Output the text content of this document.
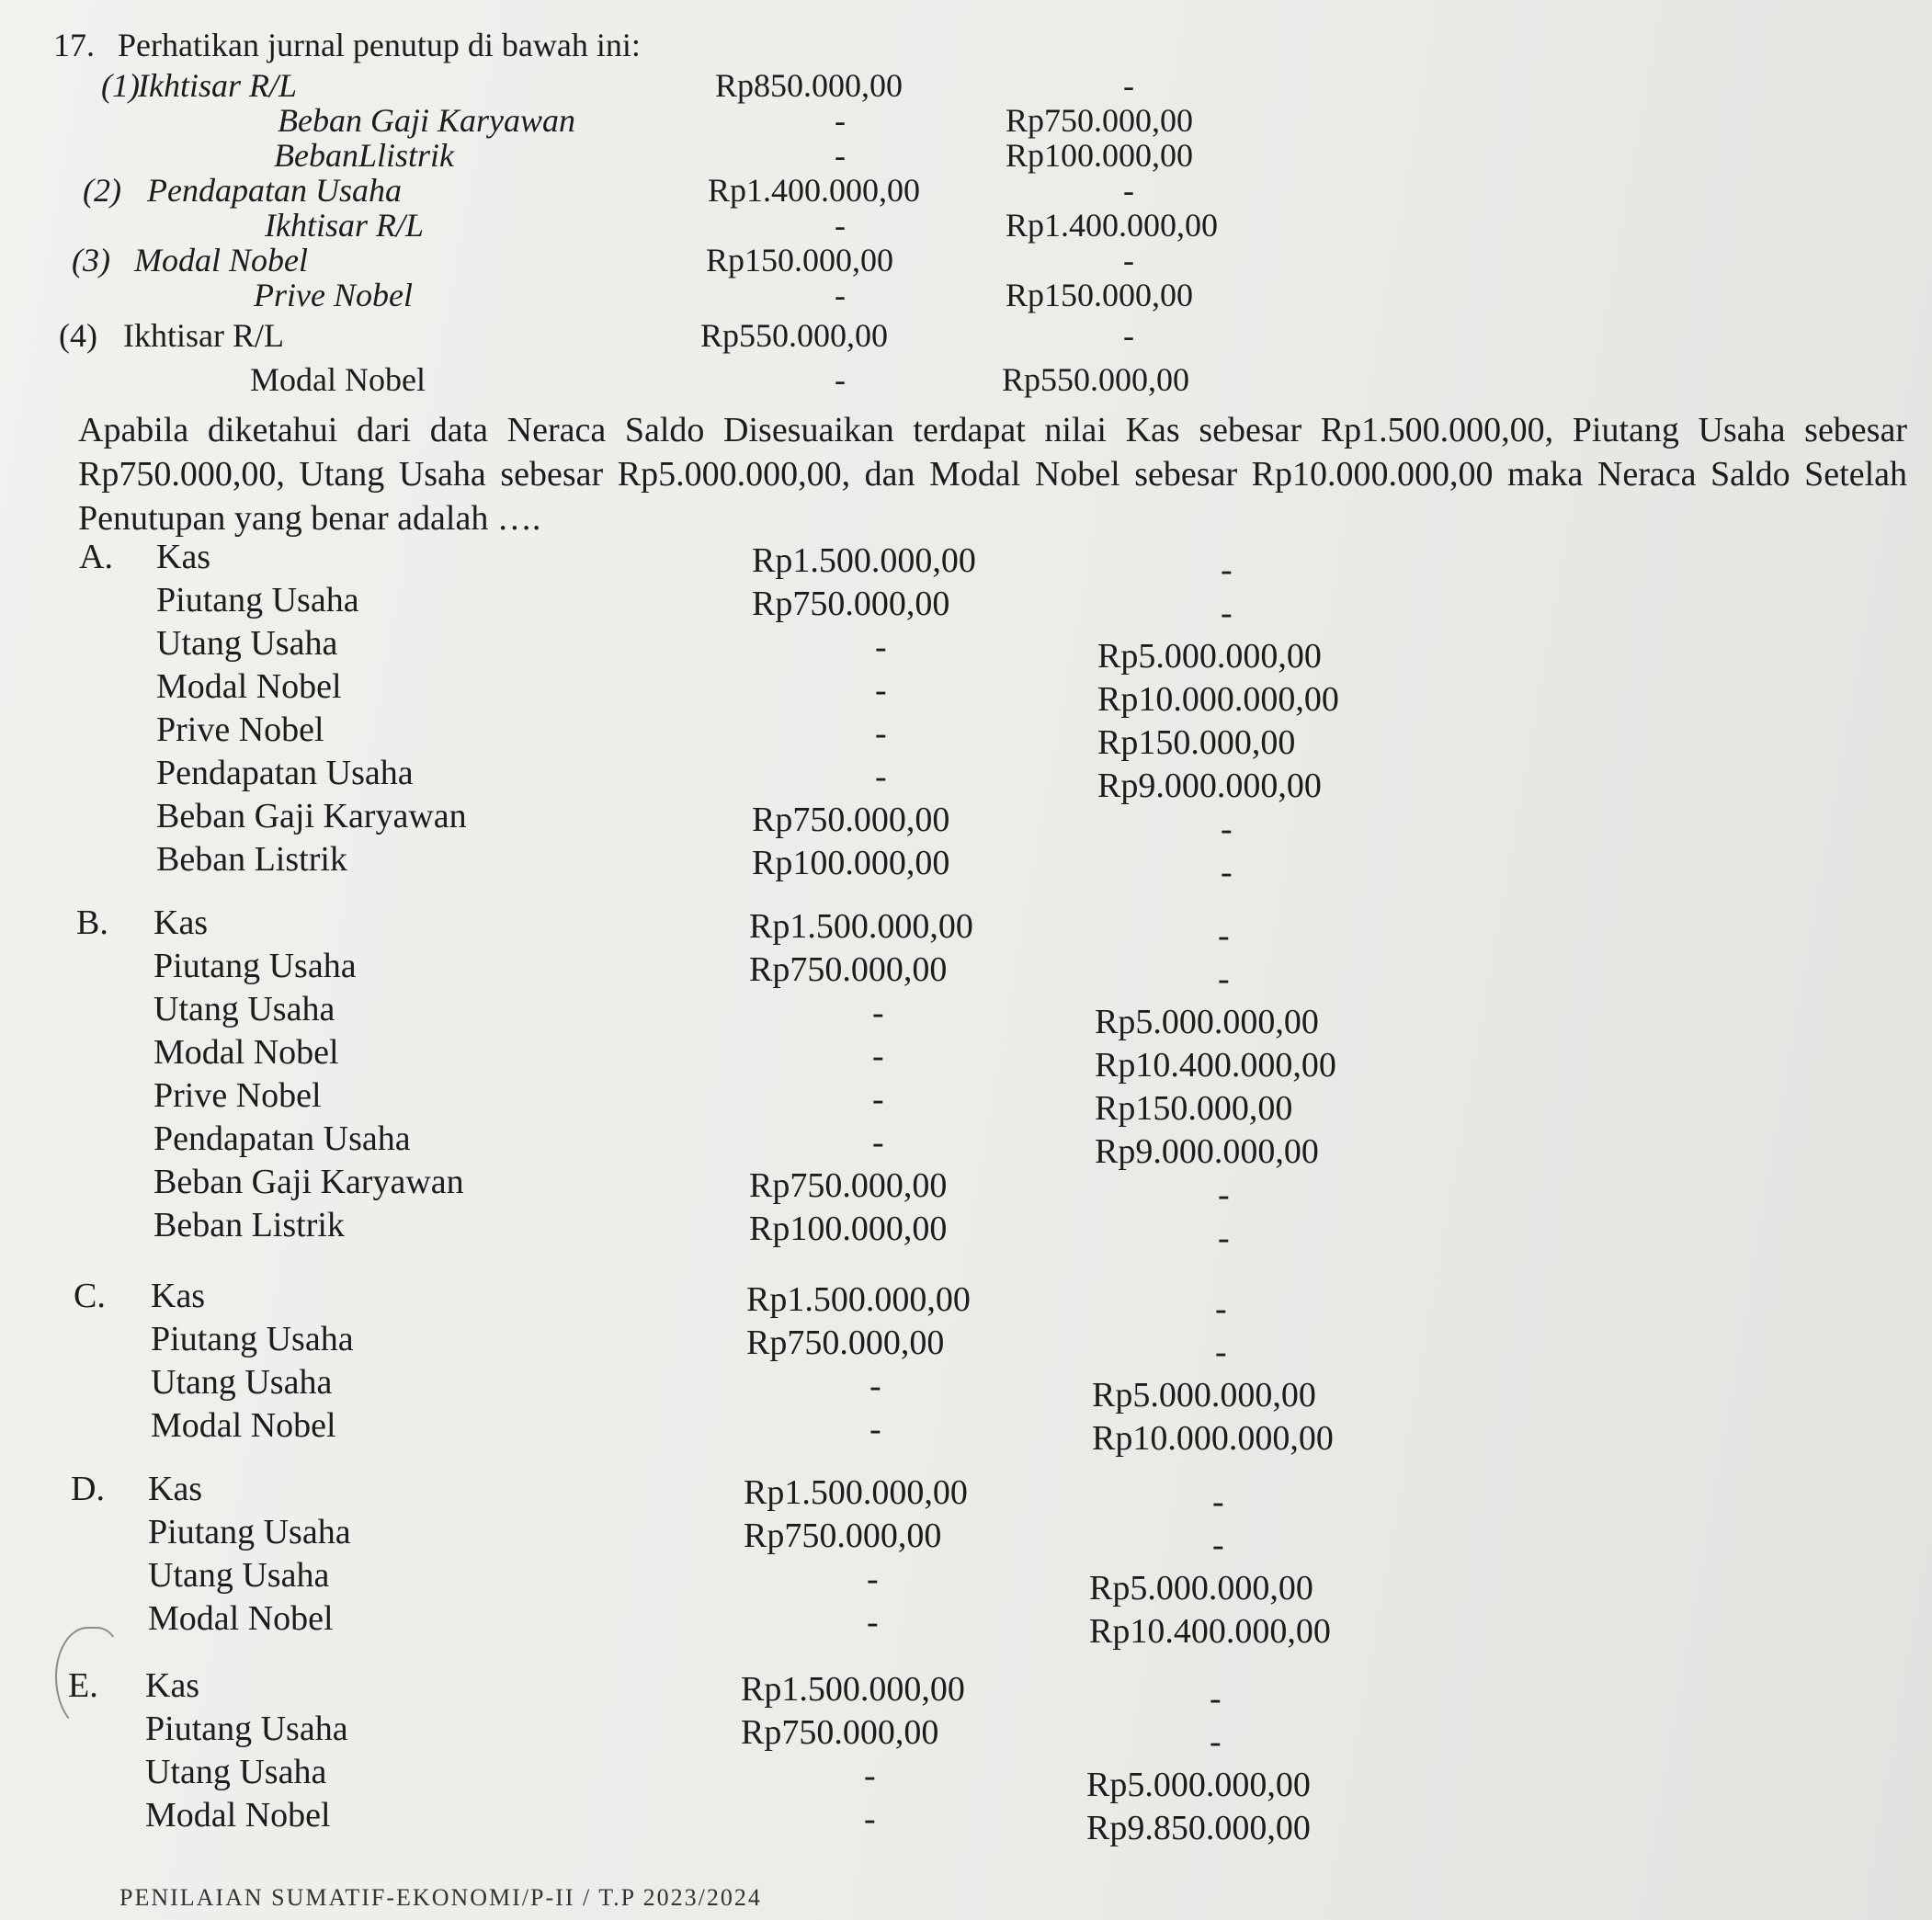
17. Perhatikan jurnal penutup di bawah ini:
(1)
Ikhtisar R/L	Rp850.000,00	-
Beban Gaji Karyawan	-	Rp750.000,00
BebanLlistrik	-	Rp100.000,00
(2) Pendapatan Usaha	Rp1.400.000,00	-
Ikhtisar R/L	-	Rp1.400.000,00
(3) Modal Nobel	Rp150.000,00	-
Prive Nobel	-	Rp150.000,00
(4) Ikhtisar R/L	Rp550.000,00	-
Modal Nobel	-	Rp550.000,00
Apabila diketahui dari data Neraca Saldo Disesuaikan terdapat nilai Kas sebesar Rp1.500.000,00, Piutang Usaha sebesar Rp750.000,00, Utang Usaha sebesar Rp5.000.000,00, dan Modal Nobel sebesar Rp10.000.000,00 maka Neraca Saldo Setelah Penutupan yang benar adalah ….
A. Kas	Rp1.500.000,00	-
Piutang Usaha	Rp750.000,00	-
Utang Usaha	-	Rp5.000.000,00
Modal Nobel	-	Rp10.000.000,00
Prive Nobel	-	Rp150.000,00
Pendapatan Usaha	-	Rp9.000.000,00
Beban Gaji Karyawan	Rp750.000,00	-
Beban Listrik	Rp100.000,00	-
B. Kas	Rp1.500.000,00	-
Piutang Usaha	Rp750.000,00	-
Utang Usaha	-	Rp5.000.000,00
Modal Nobel	-	Rp10.400.000,00
Prive Nobel	-	Rp150.000,00
Pendapatan Usaha	-	Rp9.000.000,00
Beban Gaji Karyawan	Rp750.000,00	-
Beban Listrik	Rp100.000,00	-
C. Kas	Rp1.500.000,00	-
Piutang Usaha	Rp750.000,00	-
Utang Usaha	-	Rp5.000.000,00
Modal Nobel	-	Rp10.000.000,00
D. Kas	Rp1.500.000,00	-
Piutang Usaha	Rp750.000,00	-
Utang Usaha	-	Rp5.000.000,00
Modal Nobel	-	Rp10.400.000,00
E. Kas	Rp1.500.000,00	-
Piutang Usaha	Rp750.000,00	-
Utang Usaha	-	Rp5.000.000,00
Modal Nobel	-	Rp9.850.000,00
PENILAIAN SUMATIF-EKONOMI/P-II / T.P 2023/2024
